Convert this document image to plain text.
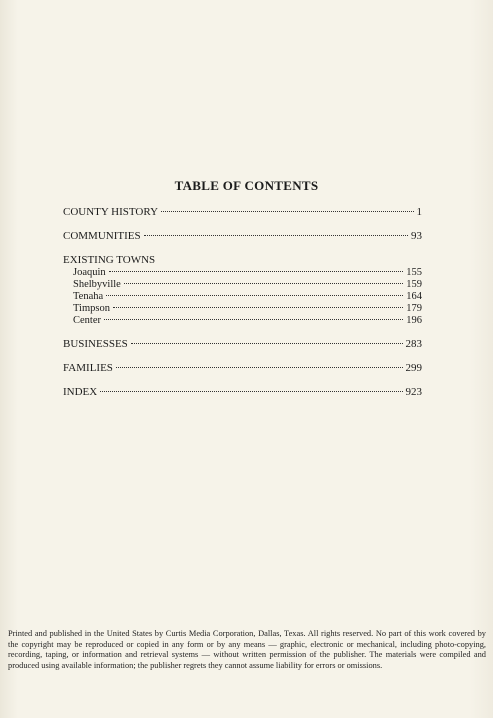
TABLE OF CONTENTS
COUNTY HISTORY	1
COMMUNITIES	93
EXISTING TOWNS
Joaquin	155
Shelbyville	159
Tenaha	164
Timpson	179
Center	196
BUSINESSES	283
FAMILIES	299
INDEX	923
Printed and published in the United States by Curtis Media Corporation, Dallas, Texas. All rights reserved. No part of this work covered by the copyright may be reproduced or copied in any form or by any means — graphic, electronic or mechanical, including photo-copying, recording, taping, or information and retrieval systems — without written permission of the publisher. The materials were compiled and produced using available information; the publisher regrets they cannot assume liability for errors or omissions.
